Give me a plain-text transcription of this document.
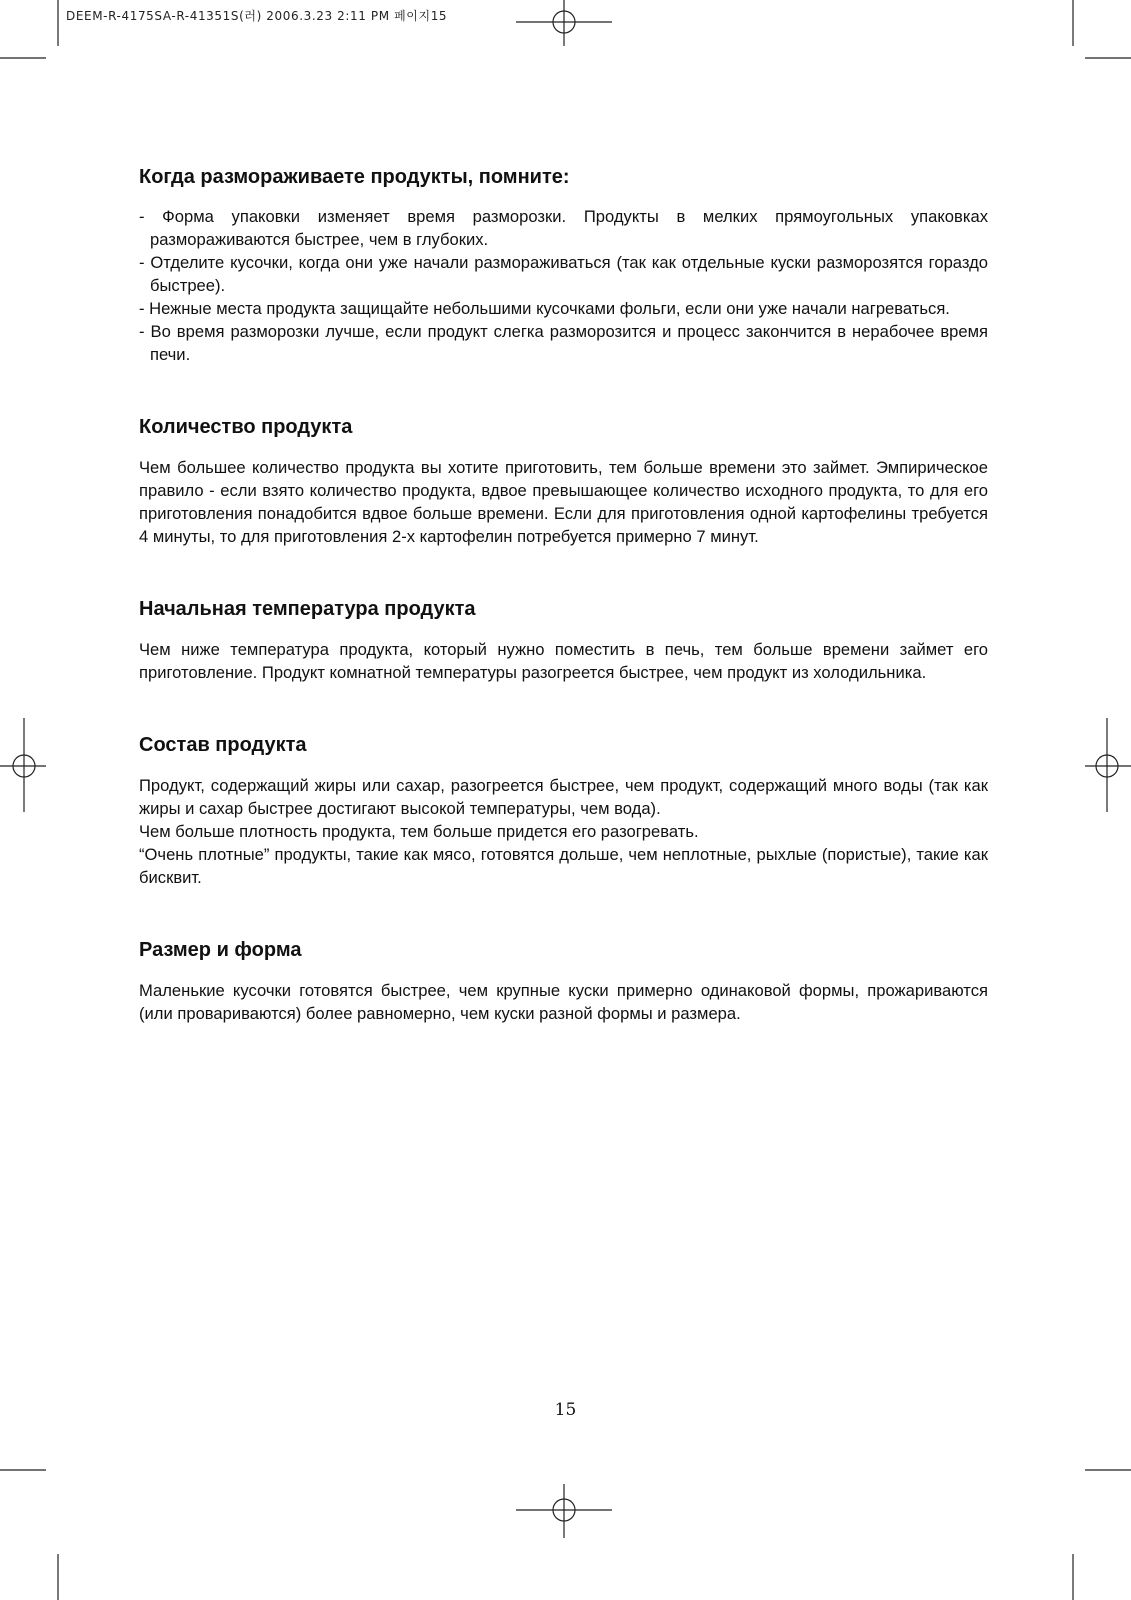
DEEM-R-4175SA-R-41351S(러) 2006.3.23 2:11 PM 페이지15
Когда размораживаете продукты, помните:
- Форма упаковки изменяет время разморозки. Продукты в мелких прямоугольных упаковках размораживаются быстрее, чем в глубоких.
- Отделите кусочки, когда они уже начали размораживаться (так как отдельные куски разморозятся гораздо быстрее).
- Нежные места продукта защищайте небольшими кусочками фольги, если они уже начали нагреваться.
- Во время разморозки лучше, если продукт слегка разморозится и процесс закончится в нерабочее время печи.
Количество продукта

Чем большее количество продукта вы хотите приготовить, тем больше времени это займет. Эмпирическое правило - если взято количество продукта, вдвое превышающее количество исходного продукта, то для его приготовления понадобится вдвое больше времени. Если для приготовления одной картофелины требуется 4 минуты, то для приготовления 2-х картофелин потребуется примерно 7 минут.

Начальная температура продукта

Чем ниже температура продукта, который нужно поместить в печь, тем больше времени займет его приготовление. Продукт комнатной температуры разогреется быстрее, чем продукт из холодильника.

Состав продукта

Продукт, содержащий жиры или сахар, разогреется быстрее, чем продукт, содержащий много воды (так как жиры и сахар быстрее достигают высокой температуры, чем вода).

Чем больше плотность продукта, тем больше придется его разогревать.

“Очень плотные” продукты, такие как мясо, готовятся дольше, чем неплотные, рыхлые (пористые), такие как бисквит.

Размер и форма

Маленькие кусочки готовятся быстрее, чем крупные куски примерно одинаковой формы, прожариваются (или провариваются) более равномерно, чем куски разной формы и размера.

15
